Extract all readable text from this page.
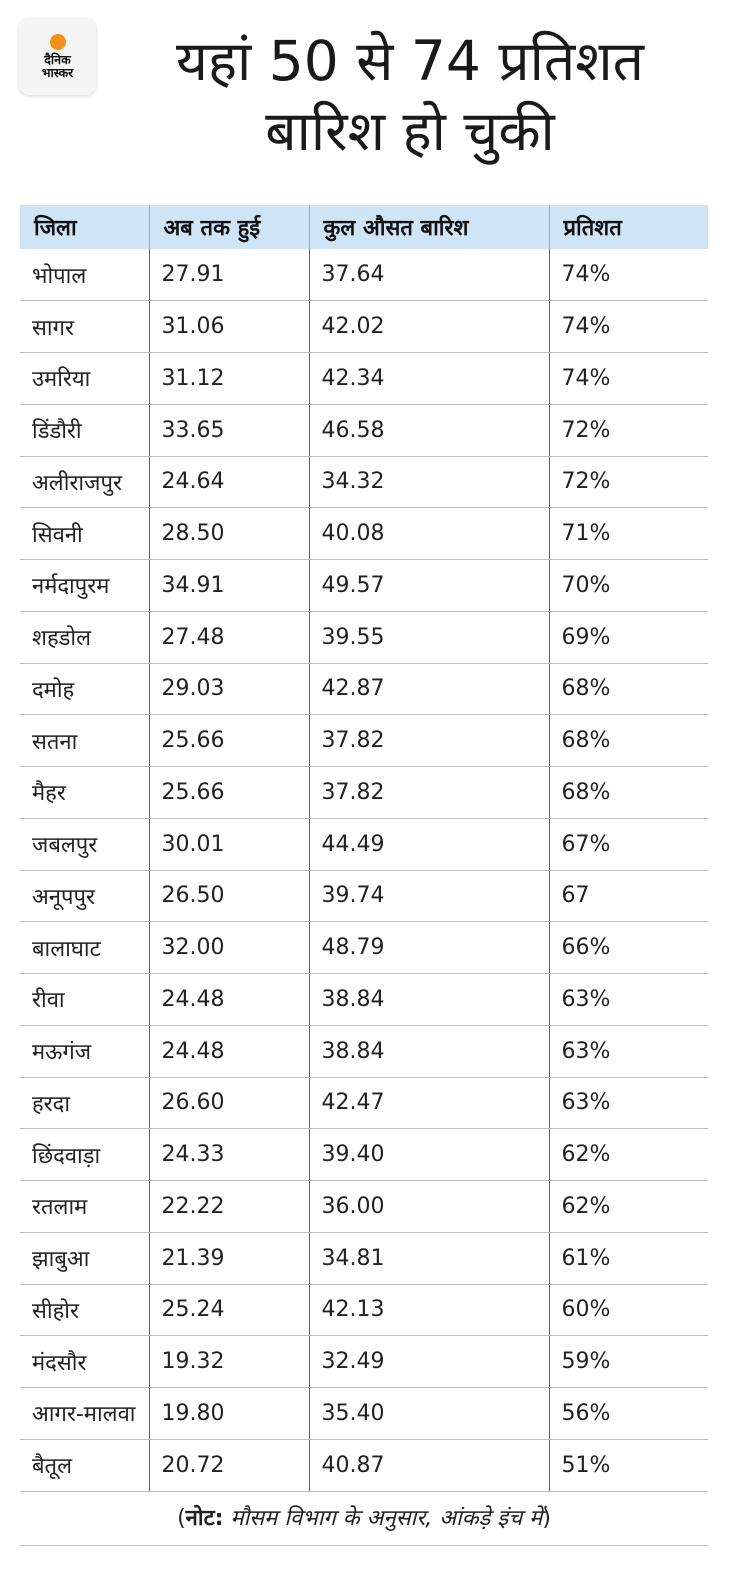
दैनिक
भास्कर	यहां 50 से 74 प्रतिशत
बारिश हो चुकी
जिला	अब तक हुई	कुल औसत बारिश	प्रतिशत
भोपाल	27.91	37.64	74%
सागर	31.06	42.02	74%
उमरिया	31.12	42.34	74%
डिंडौरी	33.65	46.58	72%
अलीराजपुर	24.64	34.32	72%
सिवनी	28.50	40.08	71%
नर्मदापुरम	34.91	49.57	70%
शहडोल	27.48	39.55	69%
दमोह	29.03	42.87	68%
सतना	25.66	37.82	68%
मैहर	25.66	37.82	68%
जबलपुर	30.01	44.49	67%
अनूपपुर	26.50	39.74	67
बालाघाट	32.00	48.79	66%
रीवा	24.48	38.84	63%
मऊगंज	24.48	38.84	63%
हरदा	26.60	42.47	63%
छिंदवाड़ा	24.33	39.40	62%
रतलाम	22.22	36.00	62%
झाबुआ	21.39	34.81	61%
सीहोर	25.24	42.13	60%
मंदसौर	19.32	32.49	59%
आगर-मालवा	19.80	35.40	56%
बैतूल	20.72	40.87	51%
(नोट: मौसम विभाग के अनुसार, आंकड़े इंच में)
